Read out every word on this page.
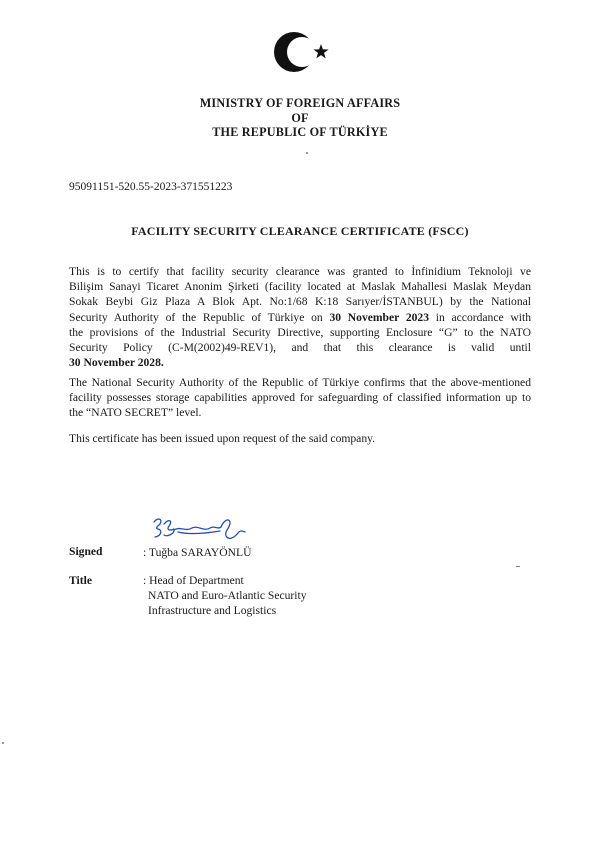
MINISTRY OF FOREIGN AFFAIRS
OF
THE REPUBLIC OF TÜRKİYE
95091151-520.55-2023-371551223
FACILITY SECURITY CLEARANCE CERTIFICATE (FSCC)
This is to certify that facility security clearance was granted to İnfinidium Teknoloji ve
Bilişim Sanayi Ticaret Anonim Şirketi (facility located at Maslak Mahallesi Maslak Meydan
Sokak Beybi Giz Plaza A Blok Apt. No:1/68 K:18 Sarıyer/İSTANBUL) by the National
Security Authority of the Republic of Türkiye on 30 November 2023 in accordance with
the provisions of the Industrial Security Directive, supporting Enclosure “G” to the NATO
Security Policy (C-M(2002)49-REV1), and that this clearance is valid until
30 November 2028.
The National Security Authority of the Republic of Türkiye confirms that the above-mentioned
facility possesses storage capabilities approved for safeguarding of classified information up to
the “NATO SECRET” level.
This certificate has been issued upon request of the said company.
Signed	: Tuğba SARAYÖNLÜ
Title	: Head of Department
NATO and Euro-Atlantic Security
Infrastructure and Logistics
